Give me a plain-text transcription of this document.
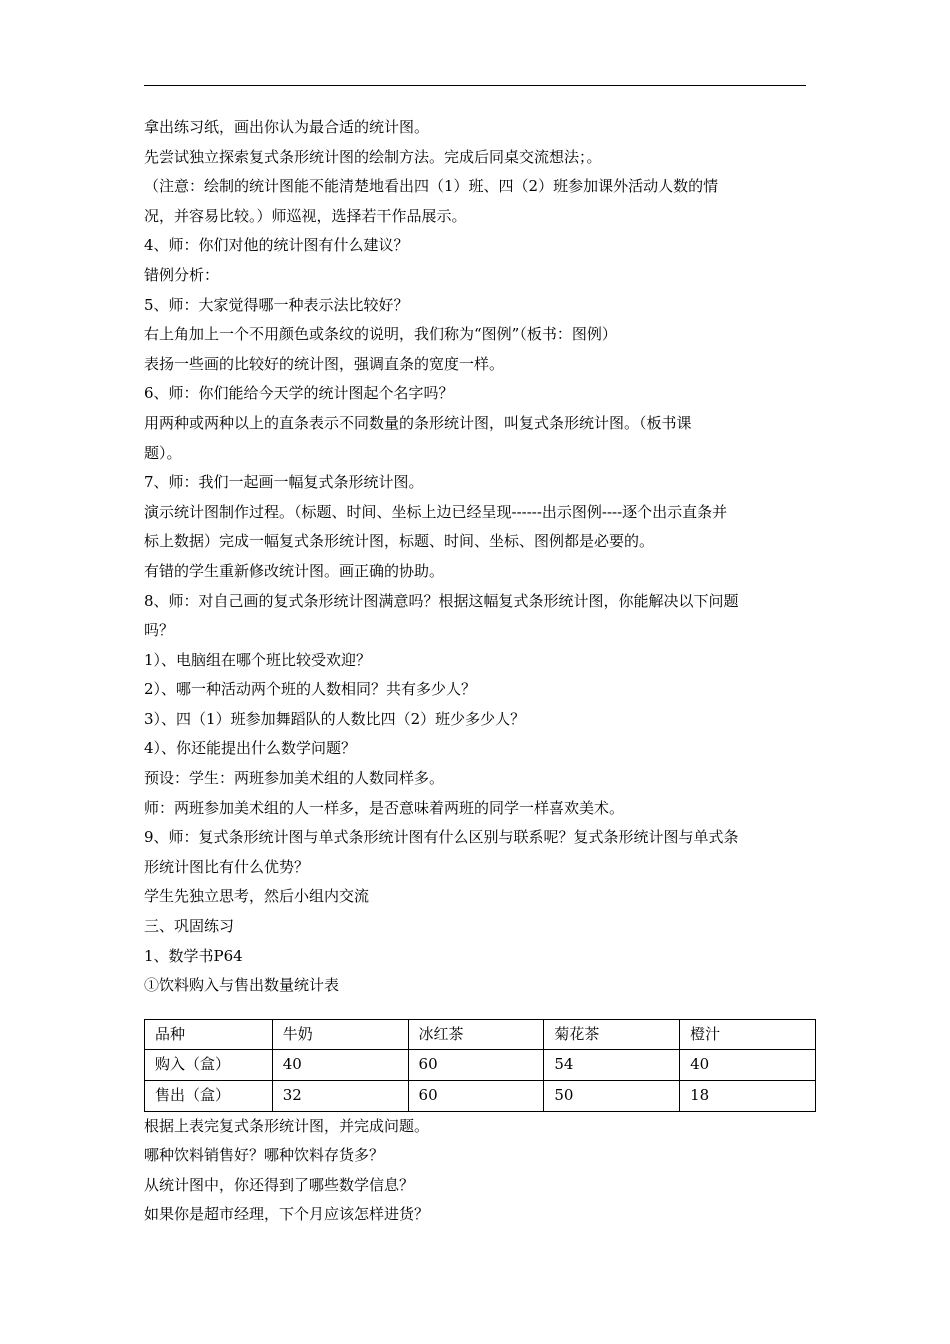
拿出练习纸，画出你认为最合适的统计图。

先尝试独立探索复式条形统计图的绘制方法。完成后同桌交流想法；。

（注意：绘制的统计图能不能清楚地看出四（1）班、四（2）班参加课外活动人数的情

况，并容易比较。）师巡视，选择若干作品展示。

4、师：你们对他的统计图有什么建议？

错例分析：

5、师：大家觉得哪一种表示法比较好？

右上角加上一个不用颜色或条纹的说明，我们称为“图例”（板书：图例）

表扬一些画的比较好的统计图，强调直条的宽度一样。

6、师：你们能给今天学的统计图起个名字吗？

用两种或两种以上的直条表示不同数量的条形统计图，叫复式条形统计图。（板书课

题）。

7、师：我们一起画一幅复式条形统计图。

演示统计图制作过程。（标题、时间、坐标上边已经呈现------出示图例----逐个出示直条并

标上数据）完成一幅复式条形统计图，标题、时间、坐标、图例都是必要的。

有错的学生重新修改统计图。画正确的协助。

8、师：对自己画的复式条形统计图满意吗？根据这幅复式条形统计图，你能解决以下问题

吗？

1）、电脑组在哪个班比较受欢迎？

2）、哪一种活动两个班的人数相同？共有多少人？

3）、四（1）班参加舞蹈队的人数比四（2）班少多少人？

4）、你还能提出什么数学问题？

预设：学生：两班参加美术组的人数同样多。

师：两班参加美术组的人一样多，是否意味着两班的同学一样喜欢美术。

9、师：复式条形统计图与单式条形统计图有什么区别与联系呢？复式条形统计图与单式条

形统计图比有什么优势？

学生先独立思考，然后小组内交流

三、巩固练习

1、数学书P64

①饮料购入与售出数量统计表

品种	牛奶	冰红茶	菊花茶	橙汁
购入（盒）	40	60	54	40
售出（盒）	32	60	50	18

根据上表完复式条形统计图，并完成问题。

哪种饮料销售好？哪种饮料存货多？

从统计图中，你还得到了哪些数学信息？

如果你是超市经理，下个月应该怎样进货？
